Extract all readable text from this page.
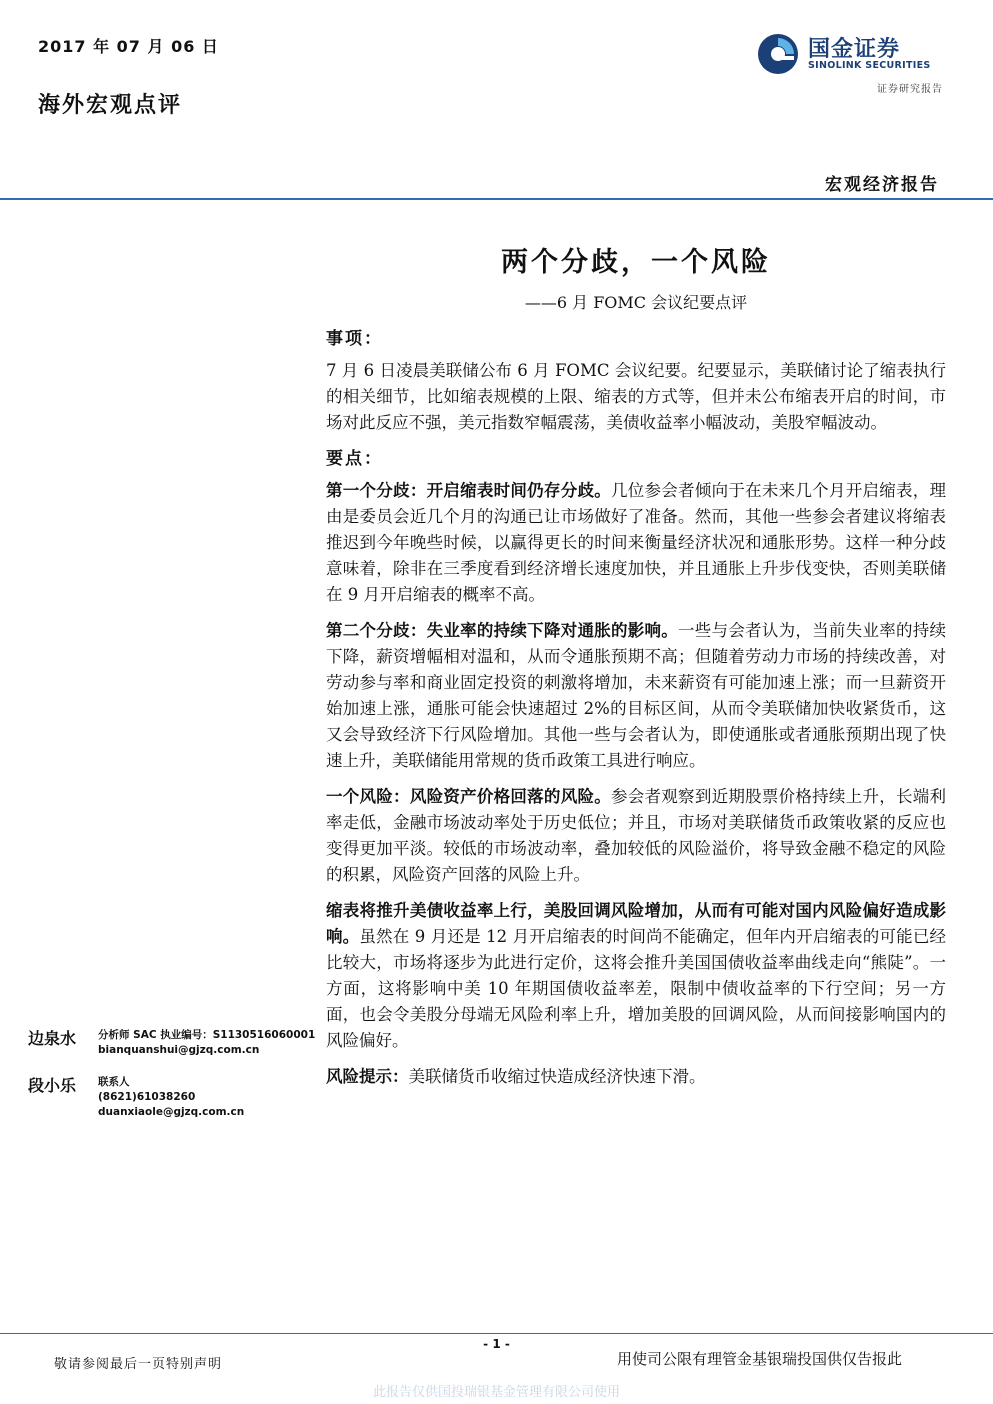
2017 年 07 月 06 日
海外宏观点评
国金证券
SINOLINK SECURITIES
证券研究报告
宏观经济报告
两个分歧，一个风险
——6 月 FOMC 会议纪要点评
事项：

7 月 6 日凌晨美联储公布 6 月 FOMC 会议纪要。纪要显示，美联储讨论了缩表执行的相关细节，比如缩表规模的上限、缩表的方式等，但并未公布缩表开启的时间，市场对此反应不强，美元指数窄幅震荡，美债收益率小幅波动，美股窄幅波动。

要点：

第一个分歧：开启缩表时间仍存分歧。几位参会者倾向于在未来几个月开启缩表，理由是委员会近几个月的沟通已让市场做好了准备。然而，其他一些参会者建议将缩表推迟到今年晚些时候，以赢得更长的时间来衡量经济状况和通胀形势。这样一种分歧意味着，除非在三季度看到经济增长速度加快，并且通胀上升步伐变快，否则美联储在 9 月开启缩表的概率不高。

第二个分歧：失业率的持续下降对通胀的影响。一些与会者认为，当前失业率的持续下降，薪资增幅相对温和，从而令通胀预期不高；但随着劳动力市场的持续改善，对劳动参与率和商业固定投资的刺激将增加，未来薪资有可能加速上涨；而一旦薪资开始加速上涨，通胀可能会快速超过 2%的目标区间，从而令美联储加快收紧货币，这又会导致经济下行风险增加。其他一些与会者认为，即使通胀或者通胀预期出现了快速上升，美联储能用常规的货币政策工具进行响应。

一个风险：风险资产价格回落的风险。参会者观察到近期股票价格持续上升，长端利率走低，金融市场波动率处于历史低位；并且，市场对美联储货币政策收紧的反应也变得更加平淡。较低的市场波动率，叠加较低的风险溢价，将导致金融不稳定的风险的积累，风险资产回落的风险上升。

缩表将推升美债收益率上行，美股回调风险增加，从而有可能对国内风险偏好造成影响。虽然在 9 月还是 12 月开启缩表的时间尚不能确定，但年内开启缩表的可能已经比较大，市场将逐步为此进行定价，这将会推升美国国债收益率曲线走向“熊陡”。一方面，这将影响中美 10 年期国债收益率差，限制中债收益率的下行空间；另一方面，也会令美股分母端无风险利率上升，增加美股的回调风险，从而间接影响国内的风险偏好。

风险提示：美联储货币收缩过快造成经济快速下滑。

边泉水 分析师 SAC 执业编号：S1130516060001
bianquanshui@gjzq.com.cn
段小乐 联系人
(8621)61038260
duanxiaole@gjzq.com.cn
- 1 -
敬请参阅最后一页特别声明	用使司公限有理管金基银瑞投国供仅告报此
此报告仅供国投瑞银基金管理有限公司使用
